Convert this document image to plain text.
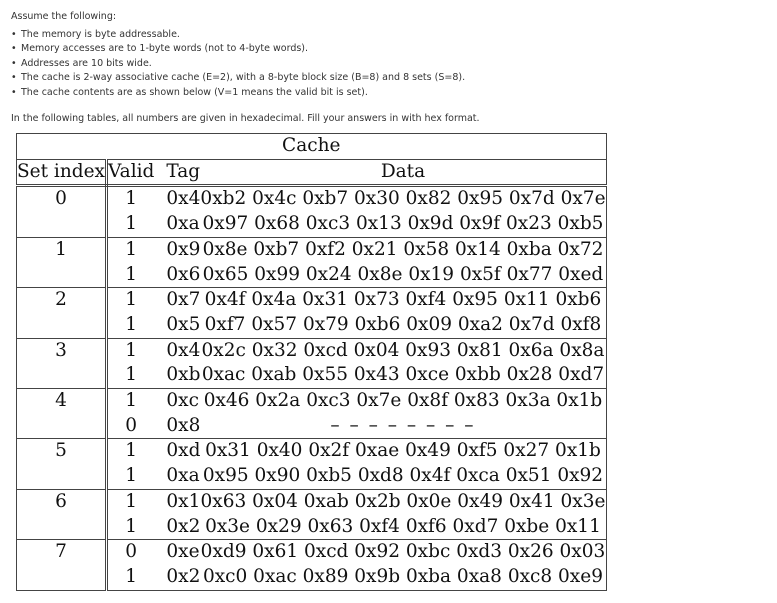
Assume the following:

• The memory is byte addressable.
• Memory accesses are to 1-byte words (not to 4-byte words).
• Addresses are 10 bits wide.
• The cache is 2-way associative cache (E=2), with a 8-byte block size (B=8) and 8 sets (S=8).
• The cache contents are as shown below (V=1 means the valid bit is set).

In the following tables, all numbers are given in hexadecimal. Fill your answers in with hex format.

Cache			
Set index	Valid	Tag	Data
0	1	0x4	0xb2 0x4c 0xb7 0x30 0x82 0x95 0x7d 0x7e
	1	0xa	0x97 0x68 0xc3 0x13 0x9d 0x9f 0x23 0xb5
1	1	0x9	0x8e 0xb7 0xf2 0x21 0x58 0x14 0xba 0x72
	1	0x6	0x65 0x99 0x24 0x8e 0x19 0x5f 0x77 0xed
2	1	0x7	0x4f 0x4a 0x31 0x73 0xf4 0x95 0x11 0xb6
	1	0x5	0xf7 0x57 0x79 0xb6 0x09 0xa2 0x7d 0xf8
3	1	0x4	0x2c 0x32 0xcd 0x04 0x93 0x81 0x6a 0x8a
	1	0xb	0xac 0xab 0x55 0x43 0xce 0xbb 0x28 0xd7
4	1	0xc	0x46 0x2a 0xc3 0x7e 0x8f 0x83 0x3a 0x1b
	0	0x8	– – – – – – – –
5	1	0xd	0x31 0x40 0x2f 0xae 0x49 0xf5 0x27 0x1b
	1	0xa	0x95 0x90 0xb5 0xd8 0x4f 0xca 0x51 0x92
6	1	0x1	0x63 0x04 0xab 0x2b 0x0e 0x49 0x41 0x3e
	1	0x2	0x3e 0x29 0x63 0xf4 0xf6 0xd7 0xbe 0x11
7	0	0xe	0xd9 0x61 0xcd 0x92 0xbc 0xd3 0x26 0x03
	1	0x2	0xc0 0xac 0x89 0x9b 0xba 0xa8 0xc8 0xe9
